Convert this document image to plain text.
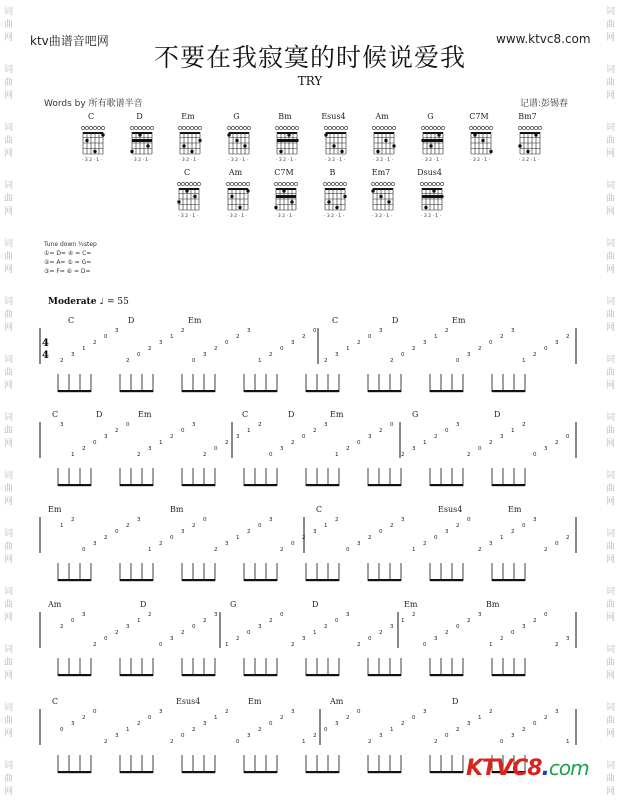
词
曲
网
词
曲
网
词
曲
网
词
曲
网
词
曲
网
词
曲
网
词
曲
网
词
曲
网
词
曲
网
词
曲
网
词
曲
网
词
曲
网
词
曲
网
词
曲
网
词
曲
网
词
曲
网
词
曲
网
词
曲
网
词
曲
网
词
曲
网
词
曲
网
词
曲
网
词
曲
网
词
曲
网
词
曲
网
词
曲
网
词
曲
网
词
曲
网
ktv曲谱音吧网	www.ktvc8.com
不要在我寂寞的时候说爱我
TRY
Words by 所有歌谱半音	记谱:彭锡春
C
· 3 2 · 1 ·
D
· 3 2 · 1 ·
Em
· 3 2 · 1 ·
G
· 3 2 · 1 ·
Bm
· 3 2 · 1 ·
Esus4
· 3 2 · 1 ·
Am
· 3 2 · 1 ·
G
· 3 2 · 1 ·
C7M
· 3 2 · 1 ·
Bm7
· 3 2 · 1 ·
C
· 3 2 · 1 ·
Am
· 3 2 · 1 ·
C7M
· 3 2 · 1 ·
B
· 3 2 · 1 ·
Em7
· 3 2 · 1 ·
Dsus4
· 3 2 · 1 ·
Tune down ½step
①= D= ④ = C=
②= A= ⑤ = G=
③= F= ⑥ = D=
Moderate ♩ = 55
C	D	Em	C	D	Em
4
4 2
3
1
2
0
3
2
0
2
3
1
2
0
3
2
0
2
3
1
2
0
3
2
0
2
3
1
2
0
3
2
0
2
3
1
2
0
3
2
0
2
3
1
2
0
3
2
C	D	Em	C	D	Em	G	D
3
1
2
0
3
2
0
2
3
1
2
0
3
2
0
2
3
1
2
0
3
2
0
2
3
1
2
0
3
2
0
2
3
1
2
0
3
2
0
2
3
1
2
0
3
2
0
Em	Bm	C	Esus4	Em
1
2
0
3
2
0
2
3
1
2
0
3
2
0
2
3
1
2
0
3
2
0
2
3
1
2
0
3
2
0
2
3
1
2
0
3
2
0
2
3
1
2
0
3
2
0
2
Am	D	G	D	Em	Bm
2
0
3
2
0
2
3
1
2
0
3
2
0
2
3
1
2
0
3
2
0
2
3
1
2
0
3
2
0
2
3
1
2
0
3
2
0
2
3
1
2
0
3
2
0
2
3
C	Esus4	Em	Am	D
0
3
2
0
2
3
1
2
0
3
2
0
2
3
1
2
0
3
2
0
2
3
1
2
0
3
2
0
2
3
1
2
0
3
2
0
2
3
1
2
0
3
2
0
2
3
1
KTVC8.com
